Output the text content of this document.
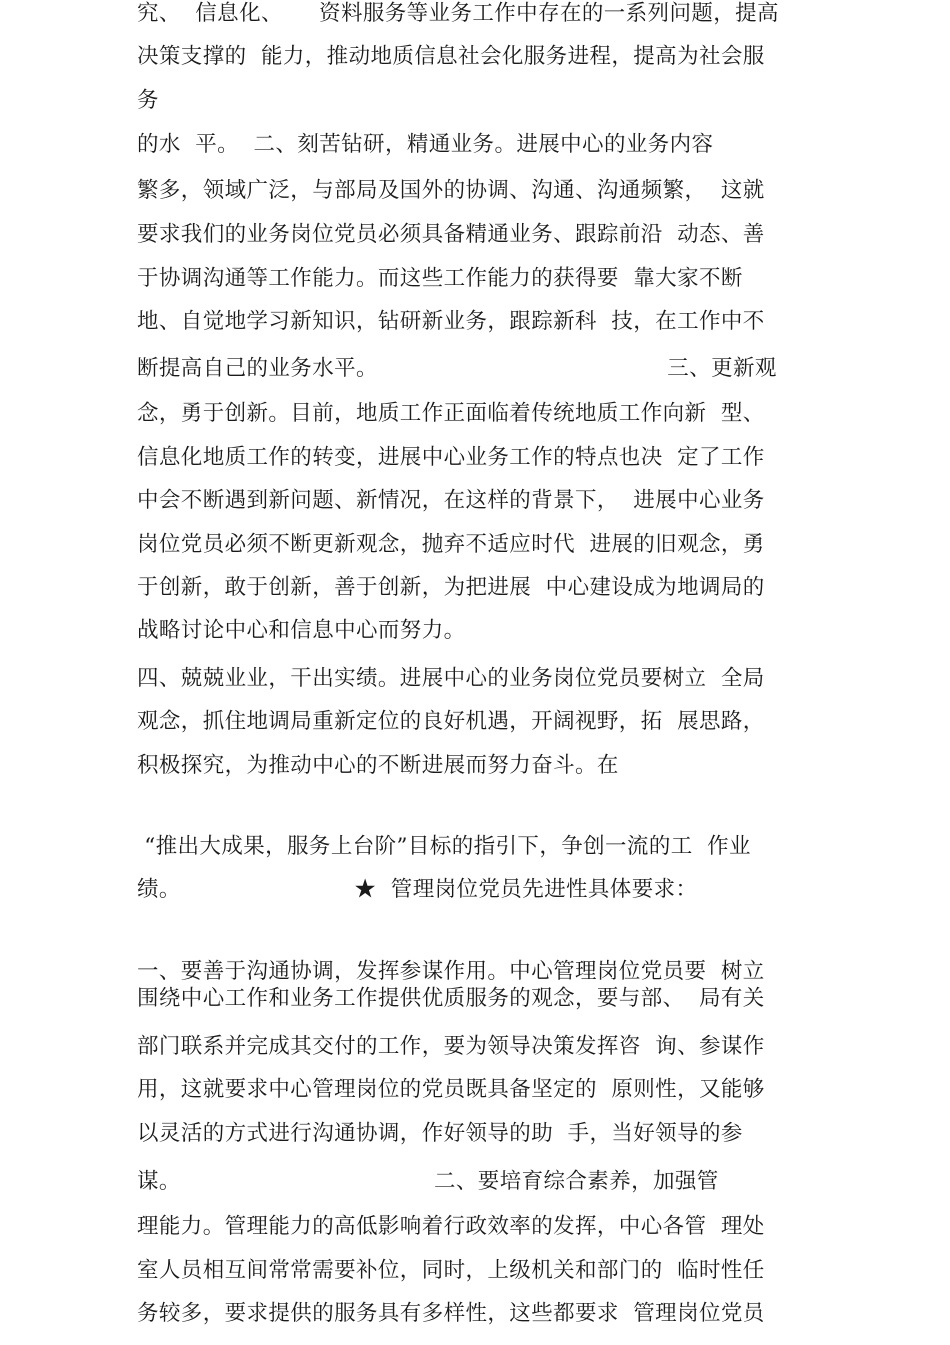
究、  信息化、     资料服务等业务工作中存在的一系列问题，提高
决策支撑的  能力，推动地质信息社会化服务进程，提高为社会服
务
的水  平。  二、刻苦钻研，精通业务。进展中心的业务内容
繁多，领域广泛，与部局及国外的协调、沟通、沟通频繁，  这就
要求我们的业务岗位党员必须具备精通业务、跟踪前沿  动态、善
于协调沟通等工作能力。而这些工作能力的获得要  靠大家不断
地、自觉地学习新知识，钻研新业务，跟踪新科  技，在工作中不
断提高自己的业务水平。                                        三、更新观
念，勇于创新。目前，地质工作正面临着传统地质工作向新  型、
信息化地质工作的转变，进展中心业务工作的特点也决  定了工作
中会不断遇到新问题、新情况，在这样的背景下，  进展中心业务
岗位党员必须不断更新观念，抛弃不适应时代  进展的旧观念，勇
于创新，敢于创新，善于创新，为把进展  中心建设成为地调局的
战略讨论中心和信息中心而努力。
四、兢兢业业，干出实绩。进展中心的业务岗位党员要树立  全局
观念，抓住地调局重新定位的良好机遇，开阔视野，拓  展思路，
积极探究，为推动中心的不断进展而努力奋斗。在
“推出大成果，服务上台阶”目标的指引下，争创一流的工  作业
绩。                        ★  管理岗位党员先进性具体要求：
一、要善于沟通协调，发挥参谋作用。中心管理岗位党员要  树立
围绕中心工作和业务工作提供优质服务的观念，要与部、  局有关
部门联系并完成其交付的工作，要为领导决策发挥咨  询、参谋作
用，这就要求中心管理岗位的党员既具备坚定的  原则性，又能够
以灵活的方式进行沟通协调，作好领导的助  手，当好领导的参
谋。                                   二、要培育综合素养，加强管
理能力。管理能力的高低影响着行政效率的发挥，中心各管  理处
室人员相互间常常需要补位，同时，上级机关和部门的  临时性任
务较多，要求提供的服务具有多样性，这些都要求  管理岗位党员
